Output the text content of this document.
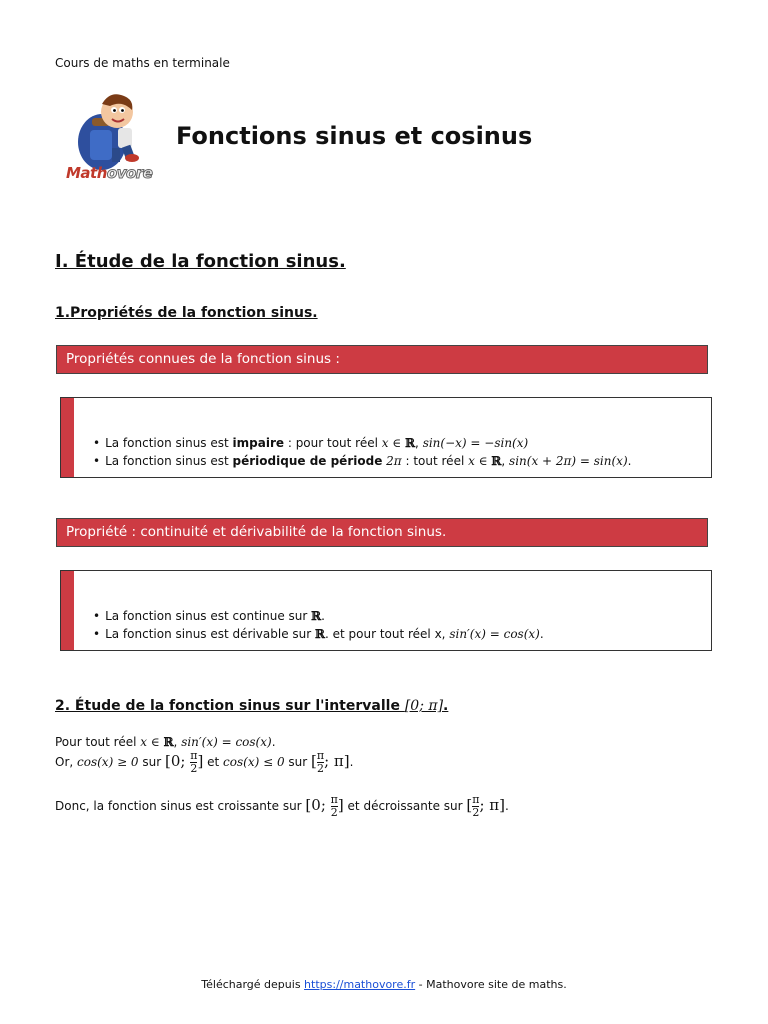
Cours de maths en terminale
Mathovore
Fonctions sinus et cosinus
I. Étude de la fonction sinus.
1.Propriétés de la fonction sinus.
Propriétés connues de la fonction sinus :
• La fonction sinus est impaire : pour tout réel x ∈ ℝ, sin(−x) = −sin(x)
• La fonction sinus est périodique de période 2π : tout réel x ∈ ℝ, sin(x + 2π) = sin(x).
Propriété : continuité et dérivabilité de la fonction sinus.
• La fonction sinus est continue sur ℝ.
• La fonction sinus est dérivable sur ℝ. et pour tout réel x, sin′(x) = cos(x).
2. Étude de la fonction sinus sur l'intervalle [0; π].
Pour tout réel x ∈ ℝ, sin′(x) = cos(x).
Or, cos(x) ≥ 0 sur [0; $\frac{\pi}{2}$ ] et cos(x) ≤ 0 sur [ $\frac{\pi}{2}$ ; π].
Donc, la fonction sinus est croissante sur [0; $\frac{\pi}{2}$ ] et décroissante sur [ $\frac{\pi}{2}$ ; π].
Téléchargé depuis https://mathovore.fr - Mathovore site de maths.
